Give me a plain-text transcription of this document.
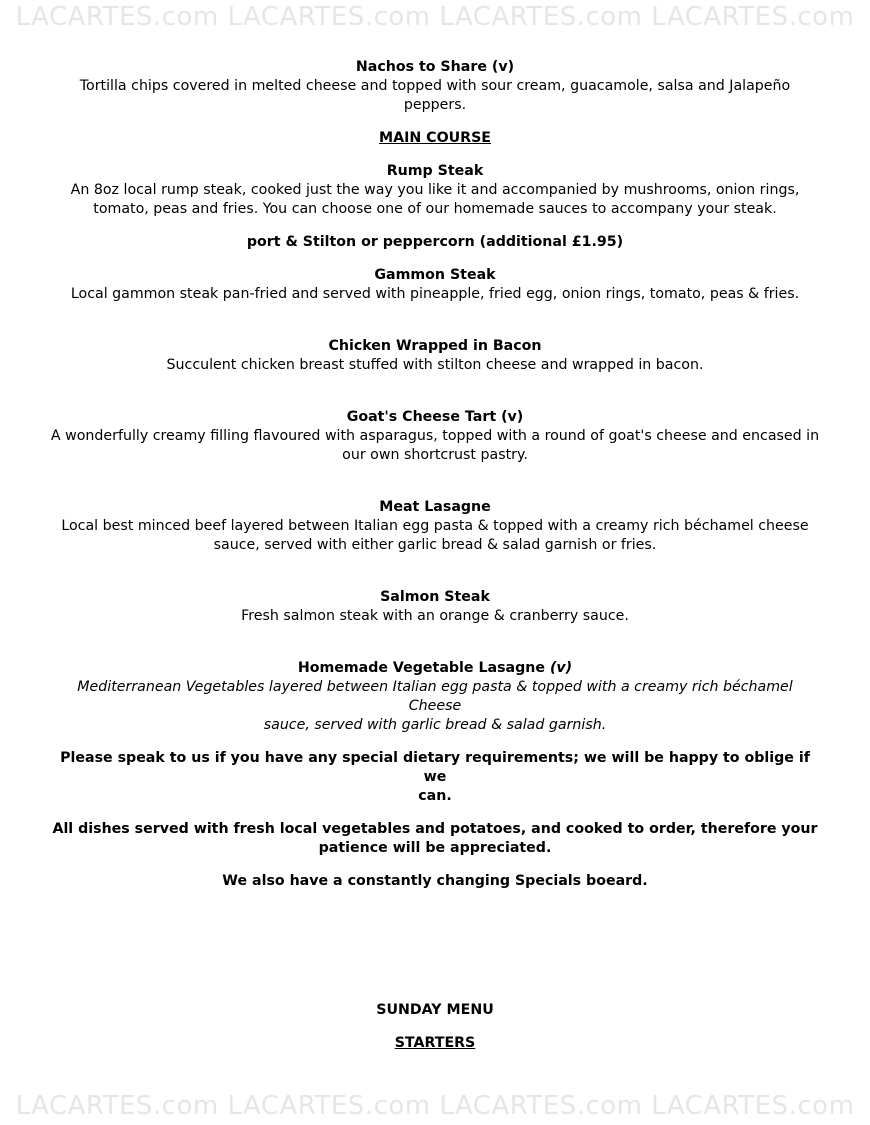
LACARTES.com LACARTES.com LACARTES.com LACARTES.com
Nachos to Share (v)
Tortilla chips covered in melted cheese and topped with sour cream, guacamole, salsa and Jalapeño peppers.
MAIN COURSE
Rump Steak
An 8oz local rump steak, cooked just the way you like it and accompanied by mushrooms, onion rings,
tomato, peas and fries. You can choose one of our homemade sauces to accompany your steak.
port & Stilton or peppercorn (additional £1.95)
Gammon Steak
Local gammon steak pan-fried and served with pineapple, fried egg, onion rings, tomato, peas & fries.
Chicken Wrapped in Bacon
Succulent chicken breast stuffed with stilton cheese and wrapped in bacon.
Goat's Cheese Tart (v)
A wonderfully creamy filling flavoured with asparagus, topped with a round of goat's cheese and encased in
our own shortcrust pastry.
Meat Lasagne
Local best minced beef layered between Italian egg pasta & topped with a creamy rich béchamel cheese
sauce, served with either garlic bread & salad garnish or fries.
Salmon Steak
Fresh salmon steak with an orange & cranberry sauce.
Homemade Vegetable Lasagne (v)
Mediterranean Vegetables layered between Italian egg pasta & topped with a creamy rich béchamel Cheese
sauce, served with garlic bread & salad garnish.
Please speak to us if you have any special dietary requirements; we will be happy to oblige if we
can.
All dishes served with fresh local vegetables and potatoes, and cooked to order, therefore your
patience will be appreciated.
We also have a constantly changing Specials boeard.
SUNDAY MENU
STARTERS
LACARTES.com LACARTES.com LACARTES.com LACARTES.com
